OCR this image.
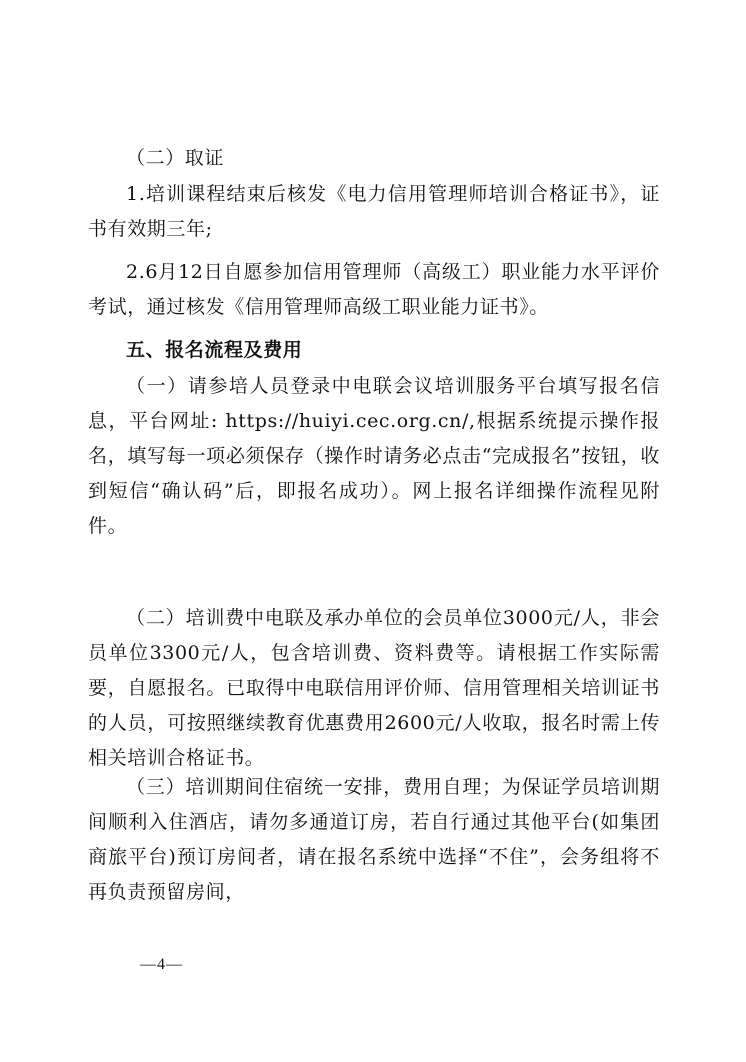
（二）取证

1.培训课程结束后核发《电力信用管理师培训合格证书》，证书有效期三年;

2.6月12日自愿参加信用管理师（高级工）职业能力水平评价考试，通过核发《信用管理师高级工职业能力证书》。

五、报名流程及费用

（一）请参培人员登录中电联会议培训服务平台填写报名信息，平台网址: https://huiyi.cec.org.cn/,根据系统提示操作报名，填写每一项必须保存（操作时请务必点击“完成报名”按钮，收到短信“确认码”后，即报名成功）。网上报名详细操作流程见附件。

（二）培训费中电联及承办单位的会员单位3000元/人，非会员单位3300元/人，包含培训费、资料费等。请根据工作实际需要，自愿报名。已取得中电联信用评价师、信用管理相关培训证书的人员，可按照继续教育优惠费用2600元/人收取，报名时需上传相关培训合格证书。

（三）培训期间住宿统一安排，费用自理；为保证学员培训期间顺利入住酒店，请勿多通道订房，若自行通过其他平台(如集团商旅平台)预订房间者，请在报名系统中选择“不住”，会务组将不再负责预留房间，

—4—
